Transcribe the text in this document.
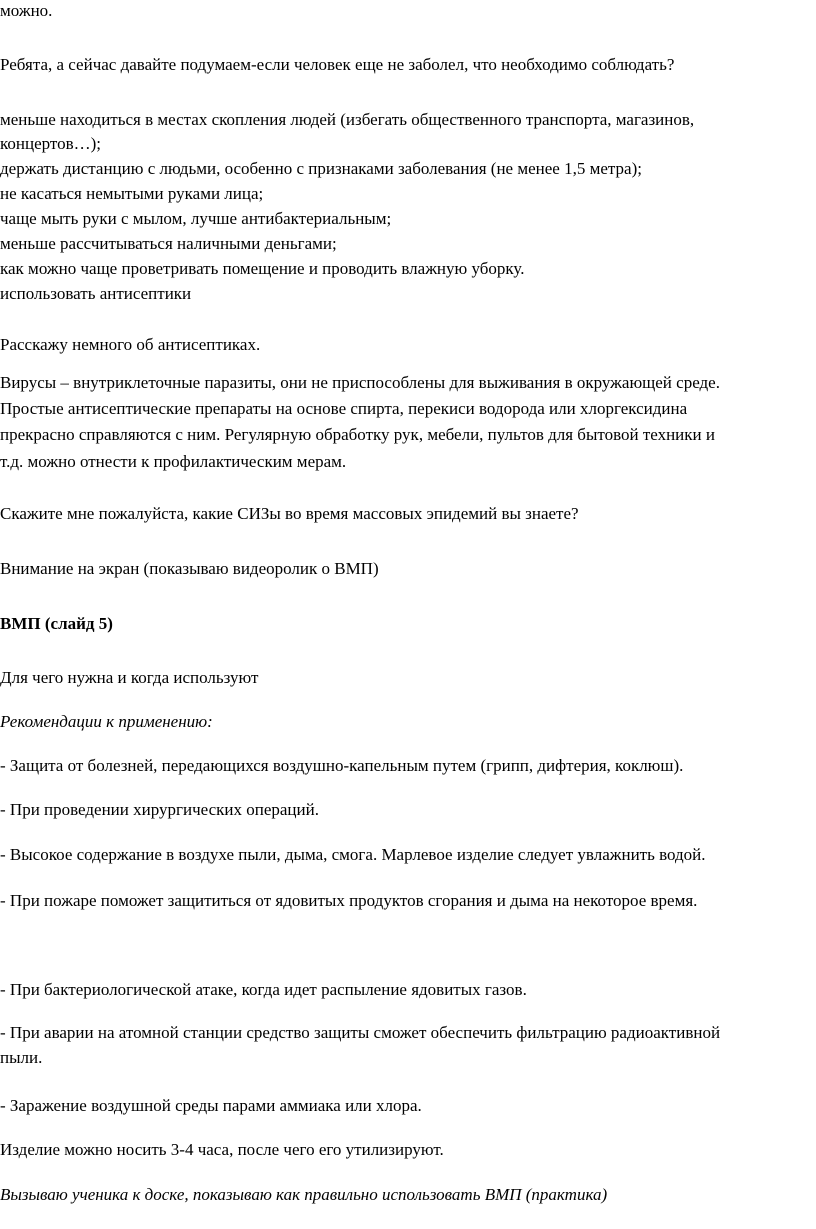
можно.
Ребята, а сейчас давайте подумаем-если человек еще не заболел, что необходимо соблюдать?
меньше находиться в местах скопления людей (избегать общественного транспорта, магазинов,
концертов…);
держать дистанцию с людьми, особенно с признаками заболевания (не менее 1,5 метра);
не касаться немытыми руками лица;
чаще мыть руки с мылом, лучше антибактериальным;
меньше рассчитываться наличными деньгами;
как можно чаще проветривать помещение и проводить влажную уборку.
использовать антисептики
Расскажу немного об антисептиках.
Вирусы – внутриклеточные паразиты, они не приспособлены для выживания в окружающей среде.
Простые антисептические препараты на основе спирта, перекиси водорода или хлоргексидина
прекрасно справляются с ним. Регулярную обработку рук, мебели, пультов для бытовой техники и
т.д. можно отнести к профилактическим мерам.
Скажите мне пожалуйста, какие СИЗы во время массовых эпидемий вы знаете?
Внимание на экран (показываю видеоролик о ВМП)
ВМП (слайд 5)
Для чего нужна и когда используют
Рекомендации к применению:
- Защита от болезней, передающихся воздушно-капельным путем (грипп, дифтерия, коклюш).
- При проведении хирургических операций.
- Высокое содержание в воздухе пыли, дыма, смога. Марлевое изделие следует увлажнить водой.
- При пожаре поможет защититься от ядовитых продуктов сгорания и дыма на некоторое время.
- При бактериологической атаке, когда идет распыление ядовитых газов.
- При аварии на атомной станции средство защиты сможет обеспечить фильтрацию радиоактивной
пыли.
- Заражение воздушной среды парами аммиака или хлора.
Изделие можно носить 3-4 часа, после чего его утилизируют.
Вызываю ученика к доске, показываю как правильно использовать ВМП (практика)
